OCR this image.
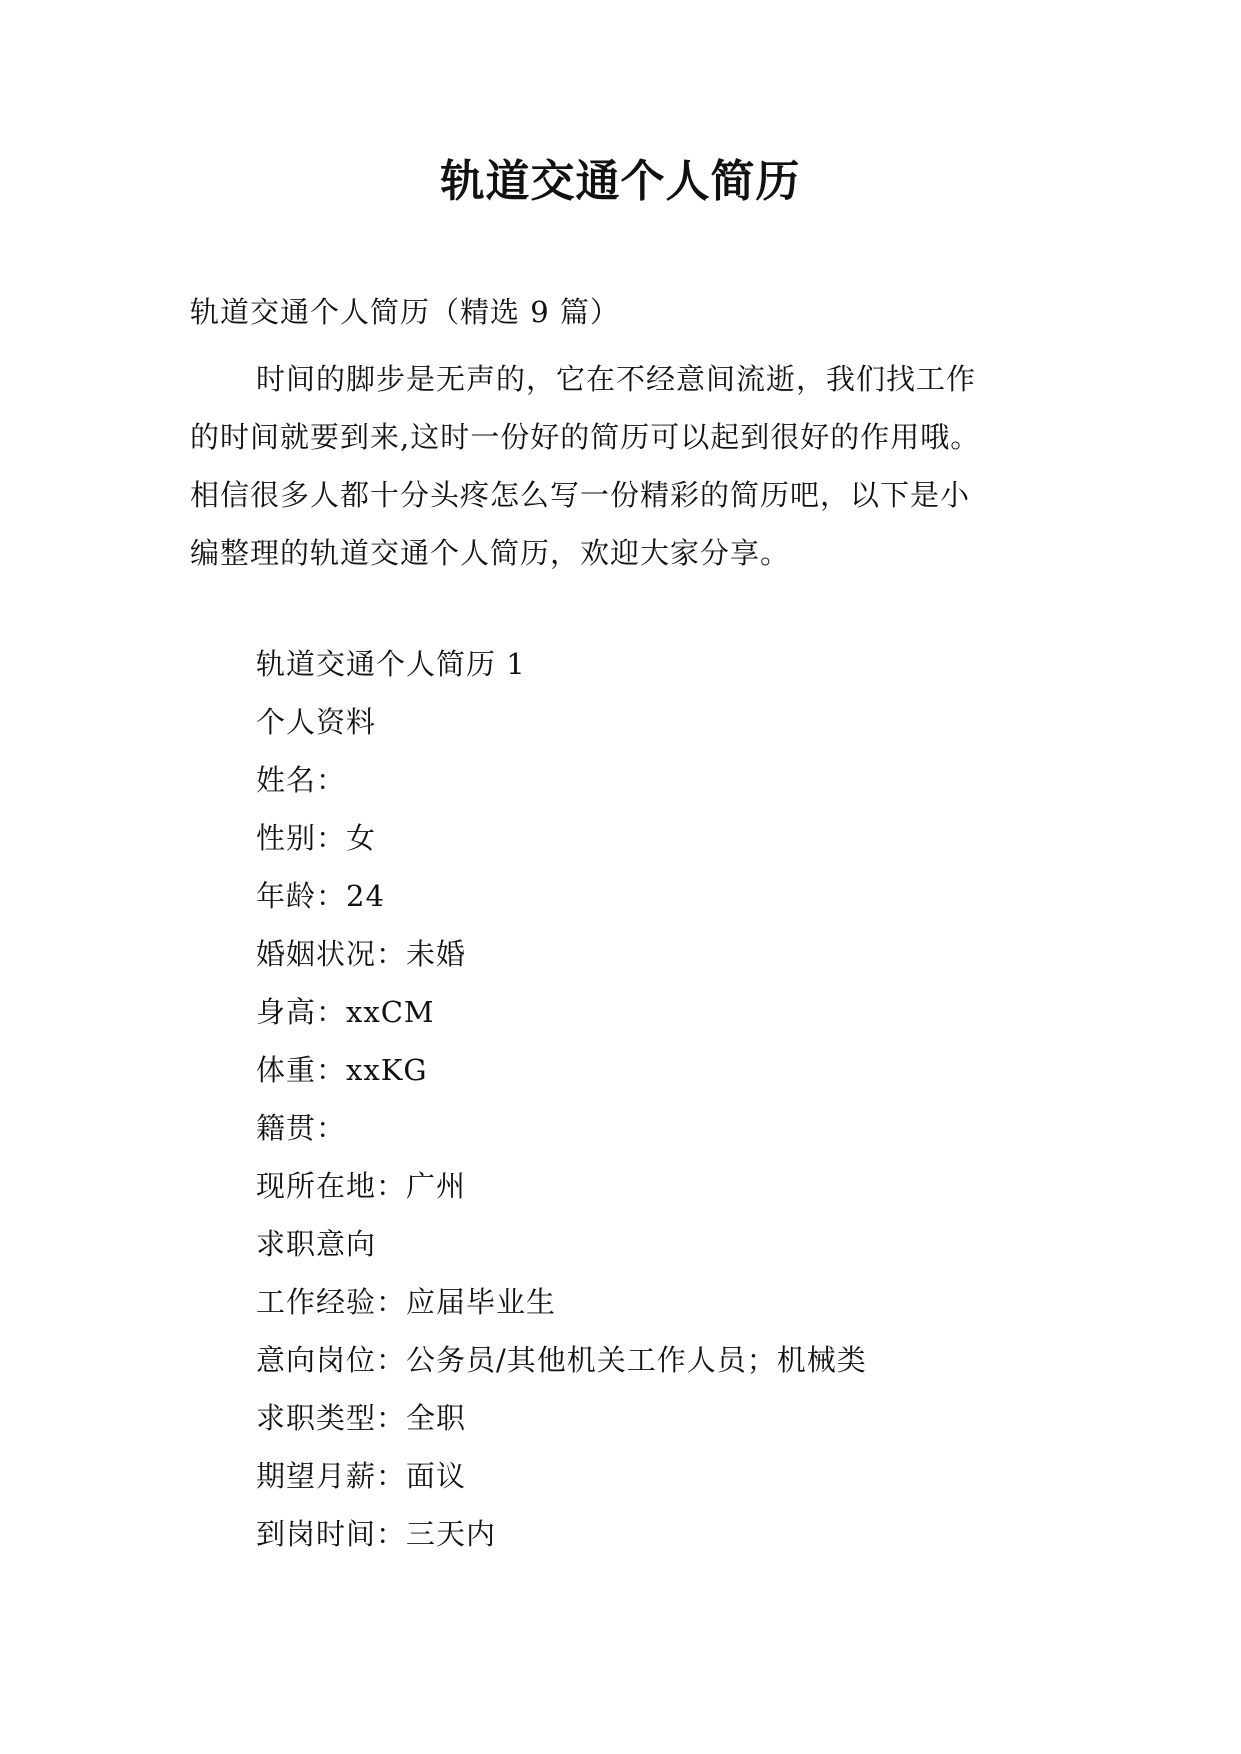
轨道交通个人简历
轨道交通个人简历（精选 9 篇）
时间的脚步是无声的，它在不经意间流逝，我们找工作
的时间就要到来,这时一份好的简历可以起到很好的作用哦。
相信很多人都十分头疼怎么写一份精彩的简历吧，以下是小
编整理的轨道交通个人简历，欢迎大家分享。
轨道交通个人简历 1
个人资料
姓名：
性别：女
年龄：24
婚姻状况：未婚
身高：xxCM
体重：xxKG
籍贯：
现所在地：广州
求职意向
工作经验：应届毕业生
意向岗位：公务员/其他机关工作人员；机械类
求职类型：全职
期望月薪：面议
到岗时间：三天内
